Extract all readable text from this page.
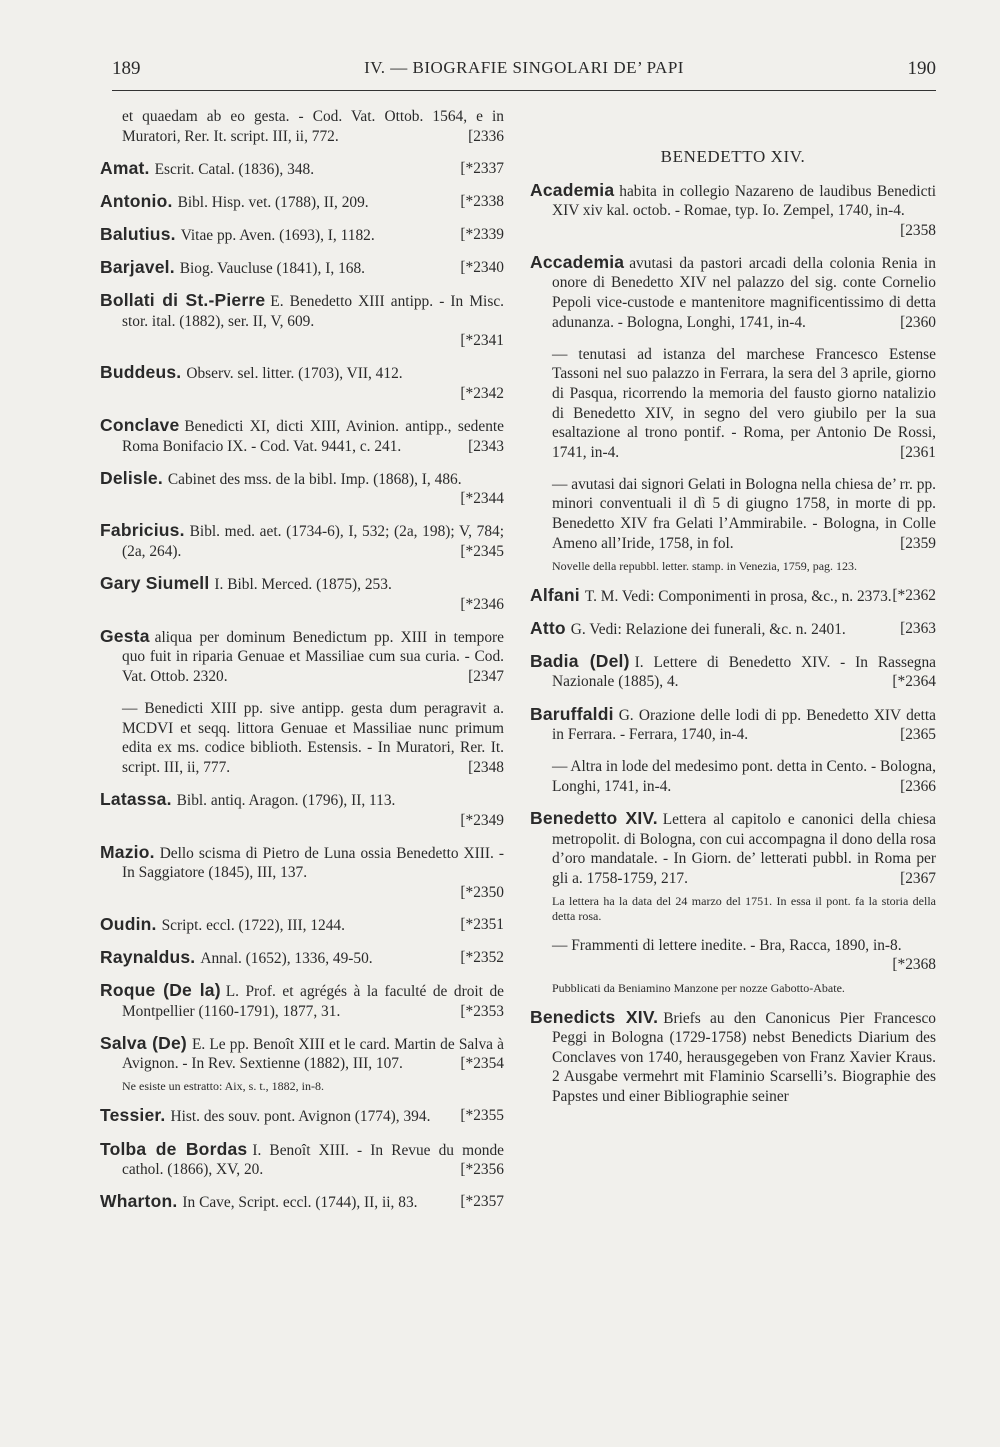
189	IV. — BIOGRAFIE SINGOLARI DE’ PAPI	190
et quaedam ab eo gesta. - Cod. Vat. Ottob. 1564, e in Muratori, Rer. It. script. III, ii, 772.	[2336
Amat. Escrit. Catal. (1836), 348.	[*2337
Antonio. Bibl. Hisp. vet. (1788), II, 209.	[*2338
Balutius. Vitae pp. Aven. (1693), I, 1182.	[*2339
Barjavel. Biog. Vaucluse (1841), I, 168.	[*2340
Bollati di St.-Pierre E. Benedetto XIII antipp. - In Misc. stor. ital. (1882), ser. II, V, 609.
[*2341
Buddeus. Observ. sel. litter. (1703), VII, 412.
[*2342
Conclave Benedicti XI, dicti XIII, Avinion. antipp., sedente Roma Bonifacio IX. - Cod. Vat. 9441, c. 241.	[2343
Delisle. Cabinet des mss. de la bibl. Imp. (1868), I, 486.
[*2344
Fabricius. Bibl. med. aet. (1734-6), I, 532; (2a, 198); V, 784; (2a, 264).	[*2345
Gary Siumell I. Bibl. Merced. (1875), 253.
[*2346
Gesta aliqua per dominum Benedictum pp. XIII in tempore quo fuit in riparia Genuae et Massiliae cum sua curia. - Cod. Vat. Ottob. 2320.	[2347
— Benedicti XIII pp. sive antipp. gesta dum peragravit a. MCDVI et seqq. littora Genuae et Massiliae nunc primum edita ex ms. codice biblioth. Estensis. - In Muratori, Rer. It. script. III, ii, 777.	[2348
Latassa. Bibl. antiq. Aragon. (1796), II, 113.
[*2349
Mazio. Dello scisma di Pietro de Luna ossia Benedetto XIII. - In Saggiatore (1845), III, 137.
[*2350
Oudin. Script. eccl. (1722), III, 1244.	[*2351
Raynaldus. Annal. (1652), 1336, 49-50.	[*2352
Roque (De la) L. Prof. et agrégés à la faculté de droit de Montpellier (1160-1791), 1877, 31.	[*2353
Salva (De) E. Le pp. Benoît XIII et le card. Martin de Salva à Avignon. - In Rev. Sextienne (1882), III, 107.	[*2354
Ne esiste un estratto: Aix, s. t., 1882, in-8.
Tessier. Hist. des souv. pont. Avignon (1774), 394. [*2355
Tolba de Bordas I. Benoît XIII. - In Revue du monde cathol. (1866), XV, 20.	[*2356
Wharton. In Cave, Script. eccl. (1744), II, ii, 83.	[*2357
BENEDETTO XIV.
Academia habita in collegio Nazareno de laudibus Benedicti XIV xiv kal. octob. - Romae, typ. Io. Zempel, 1740, in-4.
[2358
Accademia avutasi da pastori arcadi della colonia Renia in onore di Benedetto XIV nel palazzo del sig. conte Cornelio Pepoli vice-custode e mantenitore magnificentissimo di detta adunanza. - Bologna, Longhi, 1741, in-4.	[2360
— tenutasi ad istanza del marchese Francesco Estense Tassoni nel suo palazzo in Ferrara, la sera del 3 aprile, giorno di Pasqua, ricorrendo la memoria del fausto giorno natalizio di Benedetto XIV, in segno del vero giubilo per la sua esaltazione al trono pontif. - Roma, per Antonio De Rossi, 1741, in-4.	[2361
— avutasi dai signori Gelati in Bologna nella chiesa de’ rr. pp. minori conventuali il dì 5 di giugno 1758, in morte di pp. Benedetto XIV fra Gelati l’Ammirabile. - Bologna, in Colle Ameno all’Iride, 1758, in fol.	[2359
Novelle della repubbl. letter. stamp. in Venezia, 1759, pag. 123.
Alfani T. M. Vedi: Componimenti in prosa, &c., n. 2373. [*2362
Atto G. Vedi: Relazione dei funerali, &c. n. 2401.	[2363
Badia (Del) I. Lettere di Benedetto XIV. - In Rassegna Nazionale (1885), 4.	[*2364
Baruffaldi G. Orazione delle lodi di pp. Benedetto XIV detta in Ferrara. - Ferrara, 1740, in-4.	[2365
— Altra in lode del medesimo pont. detta in Cento. - Bologna, Longhi, 1741, in-4.	[2366
Benedetto XIV. Lettera al capitolo e canonici della chiesa metropolit. di Bologna, con cui accompagna il dono della rosa d’oro mandatale. - In Giorn. de’ letterati pubbl. in Roma per gli a. 1758-1759, 217.	[2367
La lettera ha la data del 24 marzo del 1751. In essa il pont. fa la storia della detta rosa.
— Frammenti di lettere inedite. - Bra, Racca, 1890, in-8.
[*2368
Pubblicati da Beniamino Manzone per nozze Gabotto-Abate.
Benedicts XIV. Briefs au den Canonicus Pier Francesco Peggi in Bologna (1729-1758) nebst Benedicts Diarium des Conclaves von 1740, herausgegeben von Franz Xavier Kraus. 2 Ausgabe vermehrt mit Flaminio Scarselli’s. Biographie des Papstes und einer Bibliographie seiner
